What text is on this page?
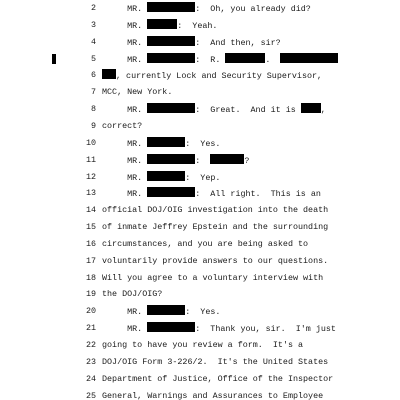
2 MR.	:  Oh, you already did?
3 MR.	:  Yeah.
4 MR.	:  And then, sir?
5 MR.	:  R.	.
6	, currently Lock and Security Supervisor,
7 MCC, New York.
8 MR.	:  Great.  And it is ,
9 correct?
10 MR.	:  Yes.
11 MR.	:	?
12 MR.	:  Yep.
13 MR.	:  All right.  This is an
14 official DOJ/OIG investigation into the death
15 of inmate Jeffrey Epstein and the surrounding
16 circumstances, and you are being asked to
17 voluntarily provide answers to our questions.
18 Will you agree to a voluntary interview with
19 the DOJ/OIG?
20 MR.	:  Yes.
21 MR.	:  Thank you, sir.  I'm just
22 going to have you review a form.  It's a
23 DOJ/OIG Form 3-226/2.  It's the United States
24 Department of Justice, Office of the Inspector
25 General, Warnings and Assurances to Employee
